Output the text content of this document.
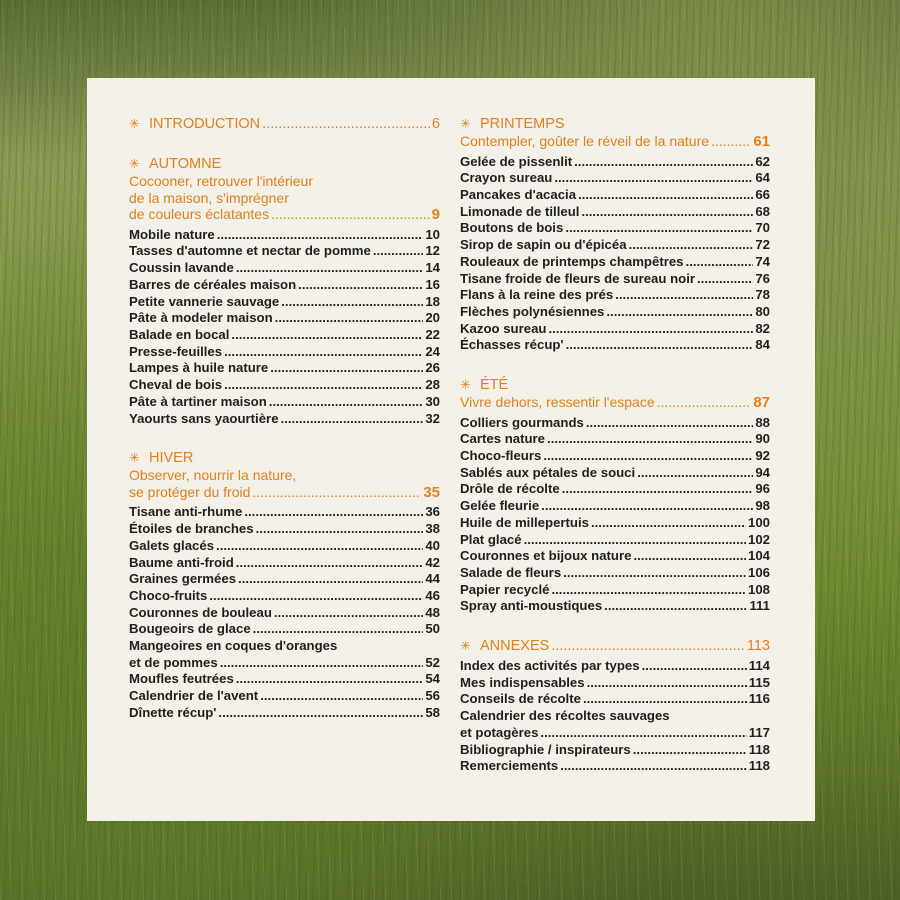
✳ INTRODUCTION .....	6
✳ AUTOMNE
Cocooner, retrouver l'intérieur
de la maison, s'imprégner
de couleurs éclatantes .....	9
Mobile nature .....	10
Tasses d'automne et nectar de pomme .....	12
Coussin lavande .....	14
Barres de céréales maison .....	16
Petite vannerie sauvage .....	18
Pâte à modeler maison .....	20
Balade en bocal .....	22
Presse-feuilles .....	24
Lampes à huile nature .....	26
Cheval de bois .....	28
Pâte à tartiner maison .....	30
Yaourts sans yaourtière .....	32
✳ HIVER
Observer, nourrir la nature,
se protéger du froid .....	35
Tisane anti-rhume .....	36
Étoiles de branches .....	38
Galets glacés .....	40
Baume anti-froid .....	42
Graines germées .....	44
Choco-fruits .....	46
Couronnes de bouleau .....	48
Bougeoirs de glace .....	50
Mangeoires en coques d'oranges
et de pommes .....	52
Moufles feutrées .....	54
Calendrier de l'avent .....	56
Dînette récup' .....	58
✳ PRINTEMPS
Contempler, goûter le réveil de la nature .....	61
Gelée de pissenlit .....	62
Crayon sureau .....	64
Pancakes d'acacia .....	66
Limonade de tilleul .....	68
Boutons de bois .....	70
Sirop de sapin ou d'épicéa .....	72
Rouleaux de printemps champêtres .....	74
Tisane froide de fleurs de sureau noir .....	76
Flans à la reine des prés .....	78
Flèches polynésiennes .....	80
Kazoo sureau .....	82
Échasses récup' .....	84
✳ ÉTÉ
Vivre dehors, ressentir l'espace .....	87
Colliers gourmands .....	88
Cartes nature .....	90
Choco-fleurs .....	92
Sablés aux pétales de souci .....	94
Drôle de récolte .....	96
Gelée fleurie .....	98
Huile de millepertuis .....	100
Plat glacé .....	102
Couronnes et bijoux nature .....	104
Salade de fleurs .....	106
Papier recyclé .....	108
Spray anti-moustiques .....	111
✳ ANNEXES .....	113
Index des activités par types .....	114
Mes indispensables .....	115
Conseils de récolte .....	116
Calendrier des récoltes sauvages
et potagères .....	117
Bibliographie / inspirateurs .....	118
Remerciements .....	118
